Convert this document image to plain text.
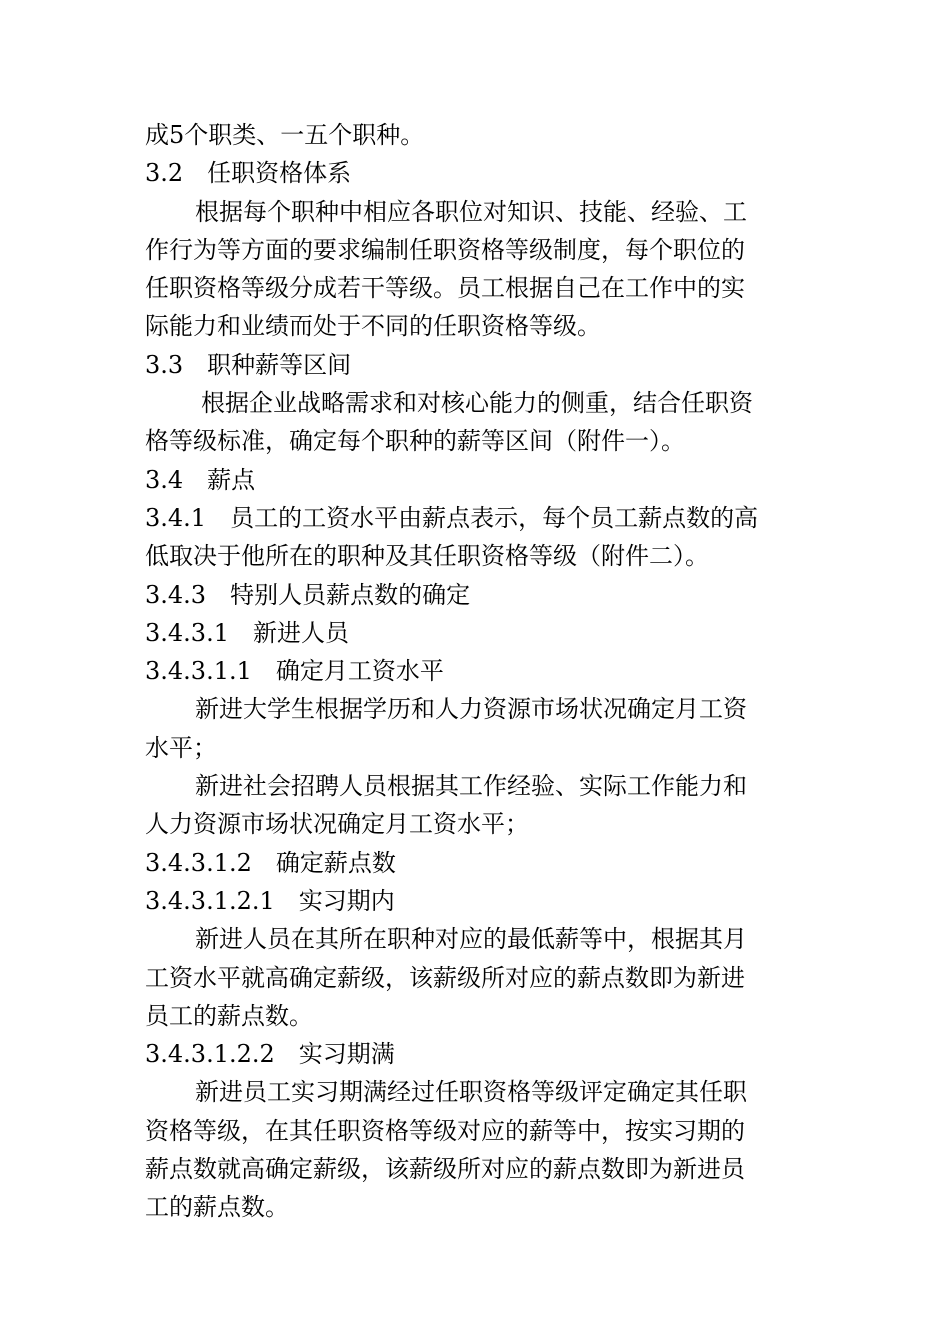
成5个职类、一五个职种。

3.2　任职资格体系

根据每个职种中相应各职位对知识、技能、经验、工

作行为等方面的要求编制任职资格等级制度，每个职位的

任职资格等级分成若干等级。员工根据自己在工作中的实

际能力和业绩而处于不同的任职资格等级。

3.3　职种薪等区间

根据企业战略需求和对核心能力的侧重，结合任职资

格等级标准，确定每个职种的薪等区间（附件一）。

3.4　薪点

3.4.1　员工的工资水平由薪点表示，每个员工薪点数的高

低取决于他所在的职种及其任职资格等级（附件二）。

3.4.3　特别人员薪点数的确定

3.4.3.1　新进人员

3.4.3.1.1　确定月工资水平

新进大学生根据学历和人力资源市场状况确定月工资

水平；

新进社会招聘人员根据其工作经验、实际工作能力和

人力资源市场状况确定月工资水平；

3.4.3.1.2　确定薪点数

3.4.3.1.2.1　实习期内

新进人员在其所在职种对应的最低薪等中，根据其月

工资水平就高确定薪级，该薪级所对应的薪点数即为新进

员工的薪点数。

3.4.3.1.2.2　实习期满

新进员工实习期满经过任职资格等级评定确定其任职

资格等级，在其任职资格等级对应的薪等中，按实习期的

薪点数就高确定薪级，该薪级所对应的薪点数即为新进员

工的薪点数。
